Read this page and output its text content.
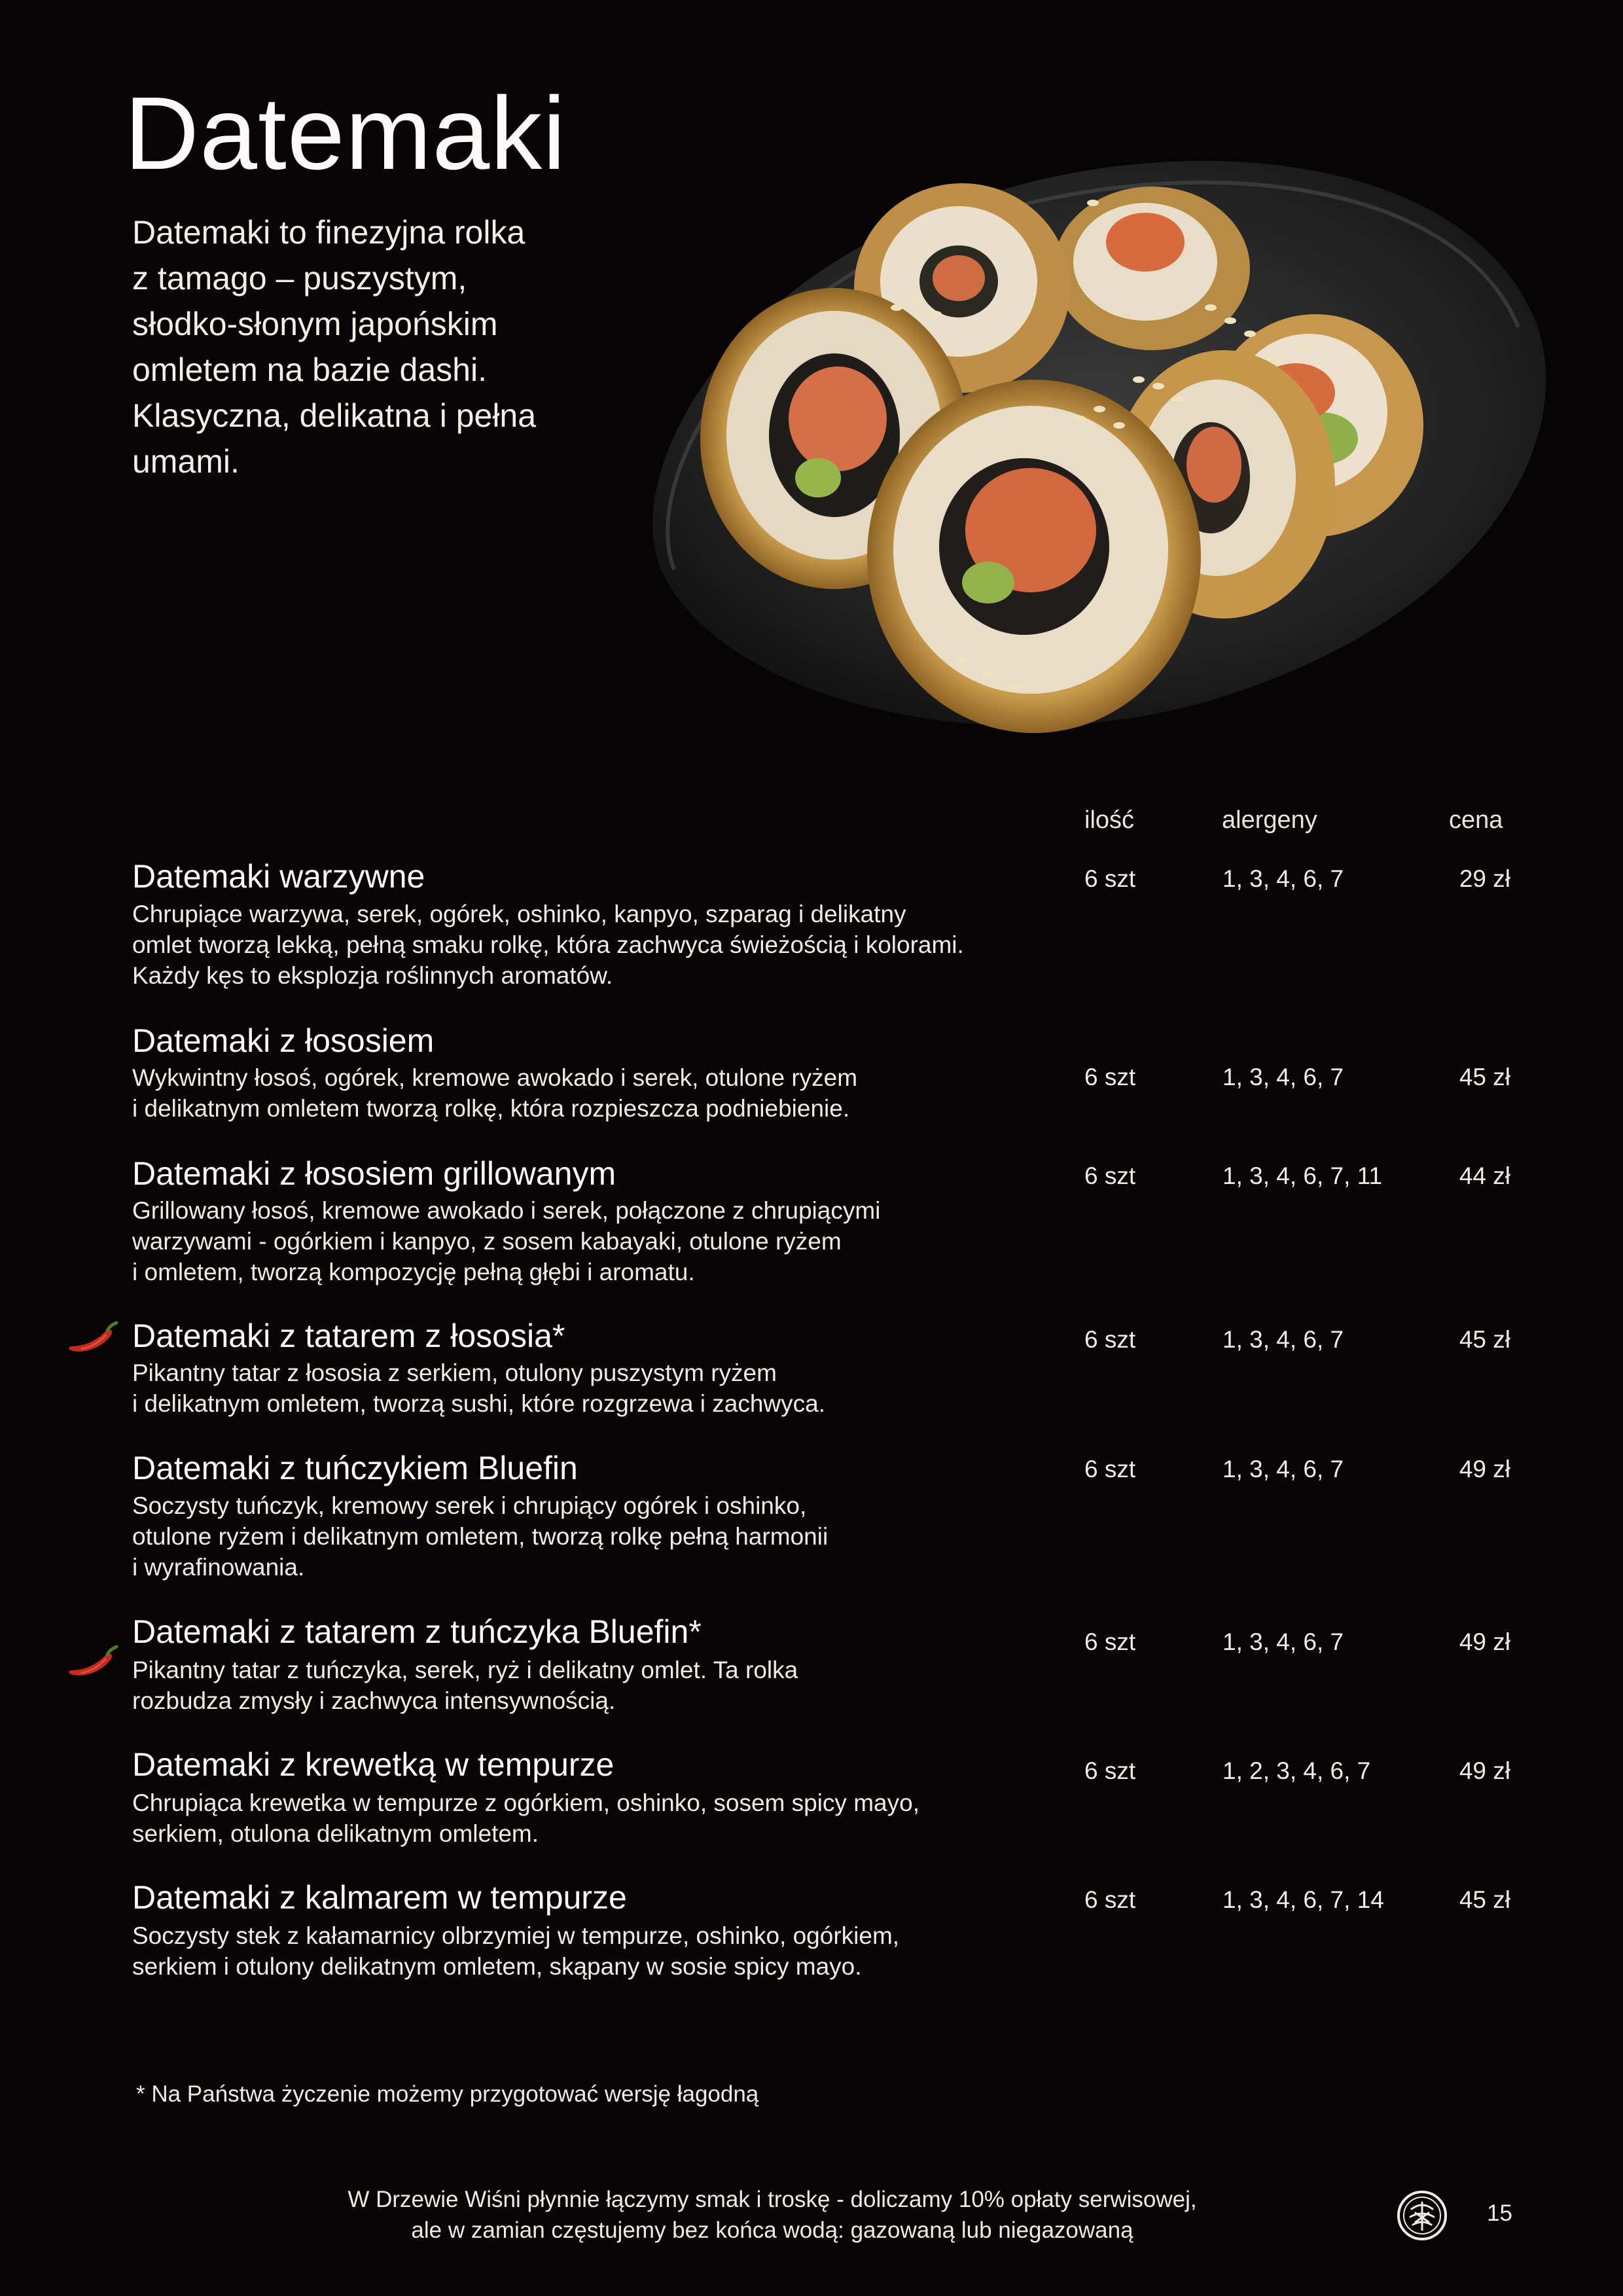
Datemaki
Datemaki to finezyjna rolka
z tamago – puszystym,
słodko-słonym japońskim
omletem na bazie dashi.
Klasyczna, delikatna i pełna
umami.
ilość	alergeny	cena
Datemaki warzywne
Chrupiące warzywa, serek, ogórek, oshinko, kanpyo, szparag i delikatny
omlet tworzą lekką, pełną smaku rolkę, która zachwyca świeżością i kolorami.
Każdy kęs to eksplozja roślinnych aromatów.
6 szt	1, 3, 4, 6, 7	29 zł
Datemaki z łososiem
Wykwintny łosoś, ogórek, kremowe awokado i serek, otulone ryżem
i delikatnym omletem tworzą rolkę, która rozpieszcza podniebienie.
6 szt	1, 3, 4, 6, 7	45 zł
Datemaki z łososiem grillowanym
Grillowany łosoś, kremowe awokado i serek, połączone z chrupiącymi
warzywami - ogórkiem i kanpyo, z sosem kabayaki, otulone ryżem
i omletem, tworzą kompozycję pełną głębi i aromatu.
6 szt	1, 3, 4, 6, 7, 11	44 zł
Datemaki z tatarem z łososia*
Pikantny tatar z łososia z serkiem, otulony puszystym ryżem
i delikatnym omletem, tworzą sushi, które rozgrzewa i zachwyca.
6 szt	1, 3, 4, 6, 7	45 zł
Datemaki z tuńczykiem Bluefin
Soczysty tuńczyk, kremowy serek i chrupiący ogórek i oshinko,
otulone ryżem i delikatnym omletem, tworzą rolkę pełną harmonii
i wyrafinowania.
6 szt	1, 3, 4, 6, 7	49 zł
Datemaki z tatarem z tuńczyka Bluefin*
Pikantny tatar z tuńczyka, serek, ryż i delikatny omlet. Ta rolka
rozbudza zmysły i zachwyca intensywnością.
6 szt	1, 3, 4, 6, 7	49 zł
Datemaki z krewetką w tempurze
Chrupiąca krewetka w tempurze z ogórkiem, oshinko, sosem spicy mayo,
serkiem, otulona delikatnym omletem.
6 szt	1, 2, 3, 4, 6, 7	49 zł
Datemaki z kalmarem w tempurze
Soczysty stek z kałamarnicy olbrzymiej w tempurze, oshinko, ogórkiem,
serkiem i otulony delikatnym omletem, skąpany w sosie spicy mayo.
6 szt	1, 3, 4, 6, 7, 14	45 zł
* Na Państwa życzenie możemy przygotować wersję łagodną
W Drzewie Wiśni płynnie łączymy smak i troskę - doliczamy 10% opłaty serwisowej,
ale w zamian częstujemy bez końca wodą: gazowaną lub niegazowaną
15
